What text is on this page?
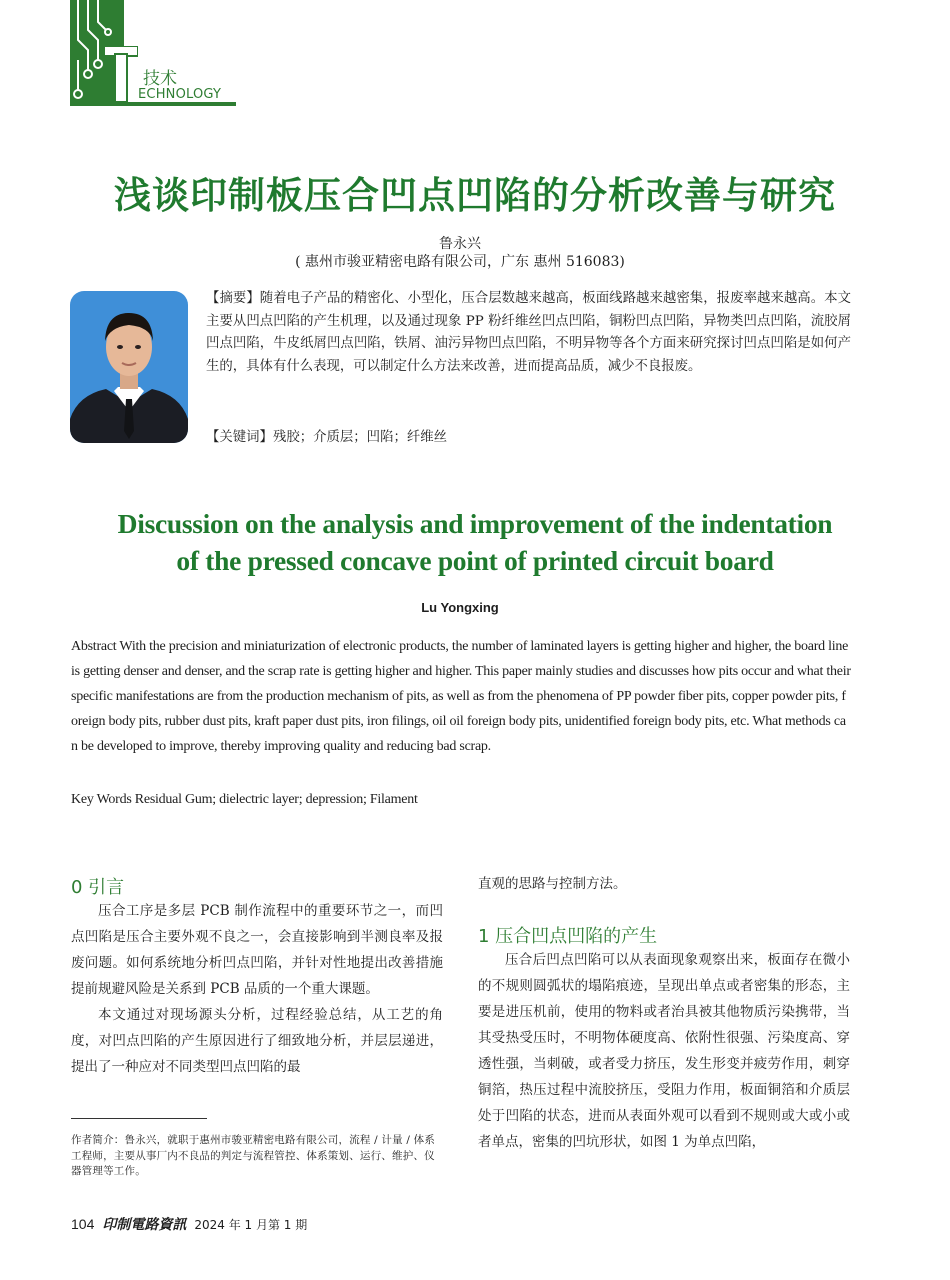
技术
ECHNOLOGY
浅谈印制板压合凹点凹陷的分析改善与研究
鲁永兴
( 惠州市骏亚精密电路有限公司，广东 惠州 516083)
【摘要】随着电子产品的精密化、小型化，压合层数越来越高，板面线路越来越密集，报废率越来越高。本文主要从凹点凹陷的产生机理，以及通过现象 PP 粉纤维丝凹点凹陷，铜粉凹点凹陷，异物类凹点凹陷，流胶屑凹点凹陷，牛皮纸屑凹点凹陷，铁屑、油污异物凹点凹陷，不明异物等各个方面来研究探讨凹点凹陷是如何产生的，具体有什么表现，可以制定什么方法来改善，进而提高品质，减少不良报废。
【关键词】残胶；介质层；凹陷；纤维丝
Discussion on the analysis and improvement of the indentation
of the pressed concave point of printed circuit board
Lu Yongxing
Abstract With the precision and miniaturization of electronic products, the number of laminated layers is getting higher and higher, the board line is getting denser and denser, and the scrap rate is getting higher and higher. This paper mainly studies and discusses how pits occur and what their specific manifestations are from the production mechanism of pits, as well as from the phenomena of PP powder fiber pits, copper powder pits, foreign body pits, rubber dust pits, kraft paper dust pits, iron filings, oil oil foreign body pits, unidentified foreign body pits, etc. What methods can be developed to improve, thereby improving quality and reducing bad scrap.
Key Words Residual Gum; dielectric layer; depression; Filament
0 引言

压合工序是多层 PCB 制作流程中的重要环节之一，而凹点凹陷是压合主要外观不良之一，会直接影响到半测良率及报废问题。如何系统地分析凹点凹陷，并针对性地提出改善措施提前规避风险是关系到 PCB 品质的一个重大课题。

本文通过对现场源头分析，过程经验总结，从工艺的角度，对凹点凹陷的产生原因进行了细致地分析，并层层递进，提出了一种应对不同类型凹点凹陷的最

直观的思路与控制方法。
1 压合凹点凹陷的产生

压合后凹点凹陷可以从表面现象观察出来，板面存在微小的不规则圆弧状的塌陷痕迹，呈现出单点或者密集的形态，主要是进压机前，使用的物料或者治具被其他物质污染携带，当其受热受压时，不明物体硬度高、依附性很强、污染度高、穿透性强，当刺破，或者受力挤压，发生形变并疲劳作用，刺穿铜箔，热压过程中流胶挤压，受阻力作用，板面铜箔和介质层处于凹陷的状态，进而从表面外观可以看到不规则或大或小或者单点，密集的凹坑形状，如图 1 为单点凹陷，

作者简介：鲁永兴，就职于惠州市骏亚精密电路有限公司，流程 / 计量 / 体系工程师，主要从事厂内不良品的判定与流程管控、体系策划、运行、维护、仪器管理等工作。
104 印制電路資訊 2024 年 1 月第 1 期
